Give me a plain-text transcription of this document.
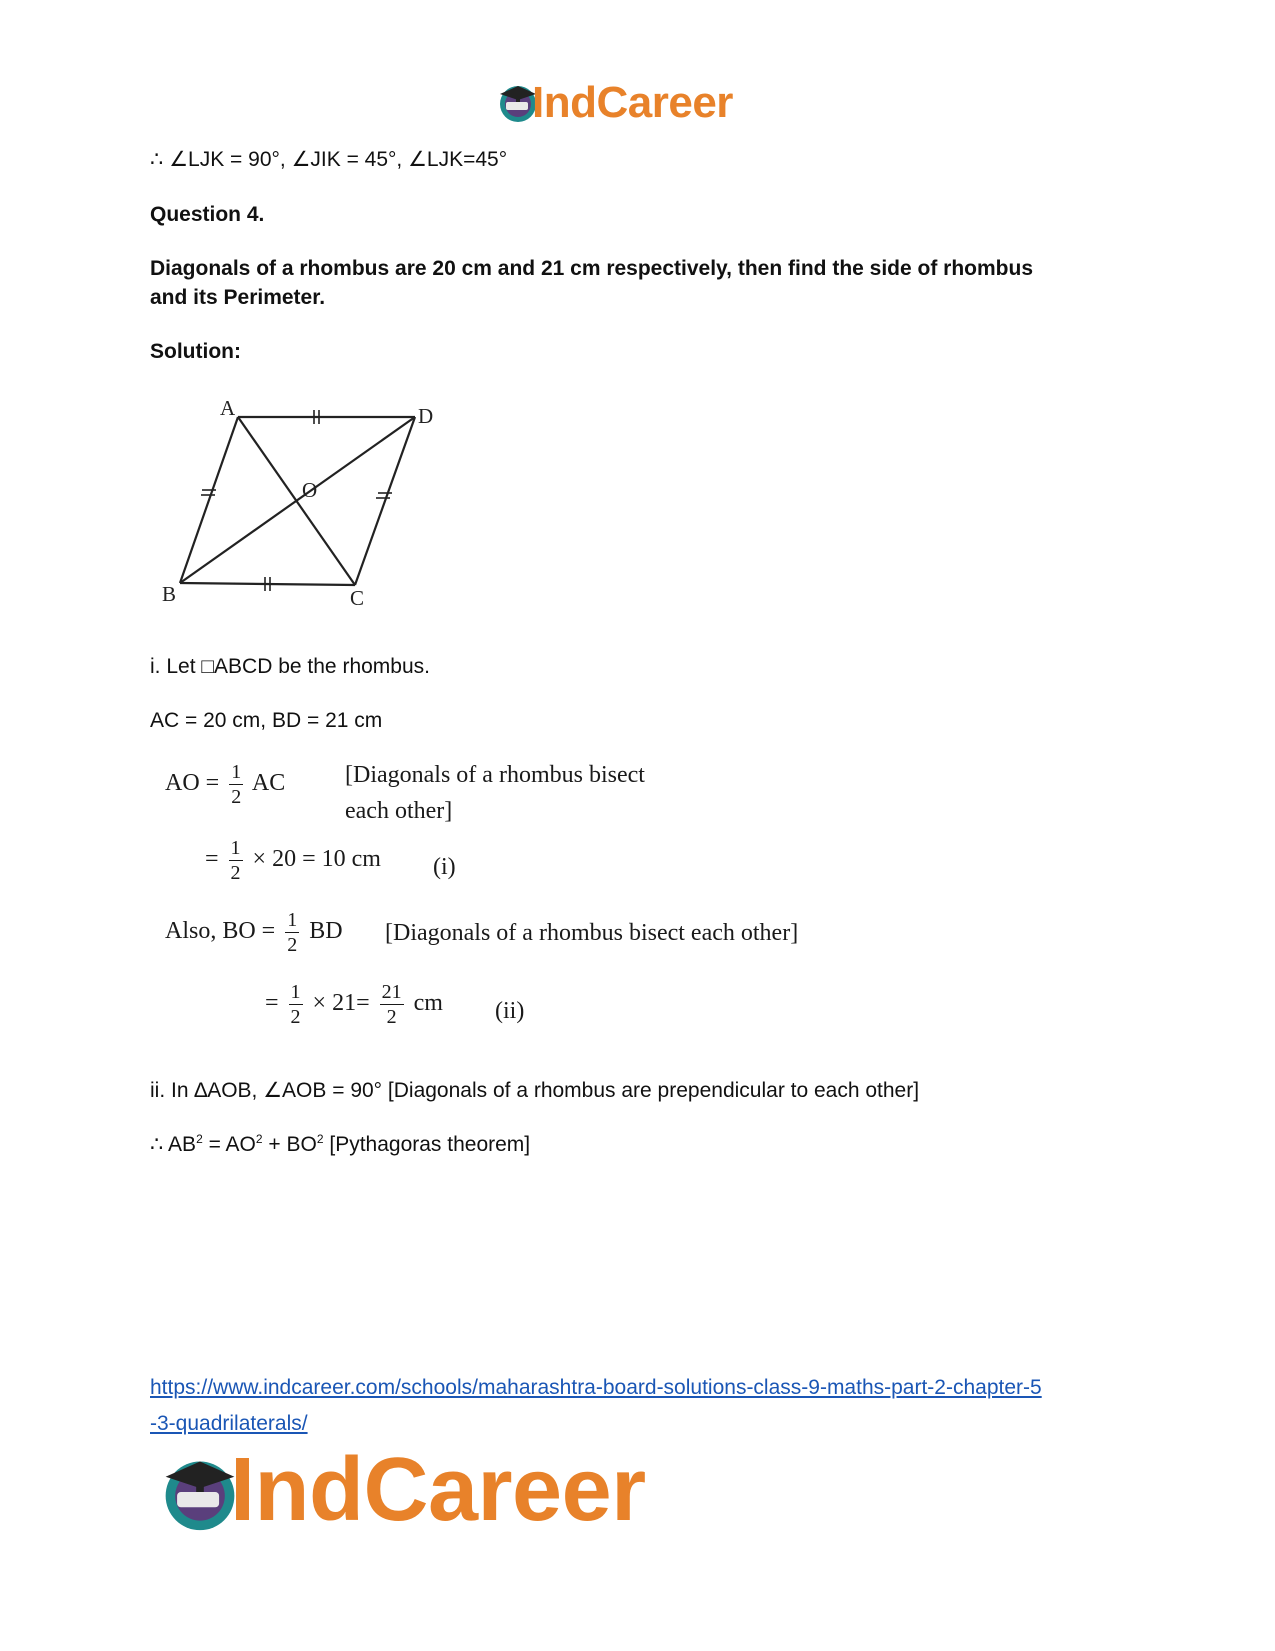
IndCareer
∴ ∠LJK = 90°, ∠JIK = 45°, ∠LJK=45°
Question 4.
Diagonals of a rhombus are 20 cm and 21 cm respectively, then find the side of rhombus
and its Perimeter.
Solution:
A	D
O
B	C
i. Let □ABCD be the rhombus.
AC = 20 cm, BD = 21 cm
AO = $\frac{1}{2}$ AC [Diagonals of a rhombus bisect
each other]
= $\frac{1}{2} \times 20 = 10$ cm (i)
Also, BO = $\frac{1}{2}$ BD [Diagonals of a rhombus bisect each other]
= $\frac{1}{2} \times 21= \frac{21}{2}$ cm (ii)
ii. In ∆AOB, ∠AOB = 90° [Diagonals of a rhombus are prependicular to each other]
∴ $AB^2 = AO^2 + BO^2$ [Pythagoras theorem]
https://www.indcareer.com/schools/maharashtra-board-solutions-class-9-maths-part-2-chapter-5
-3-quadrilaterals/
IndCareer
